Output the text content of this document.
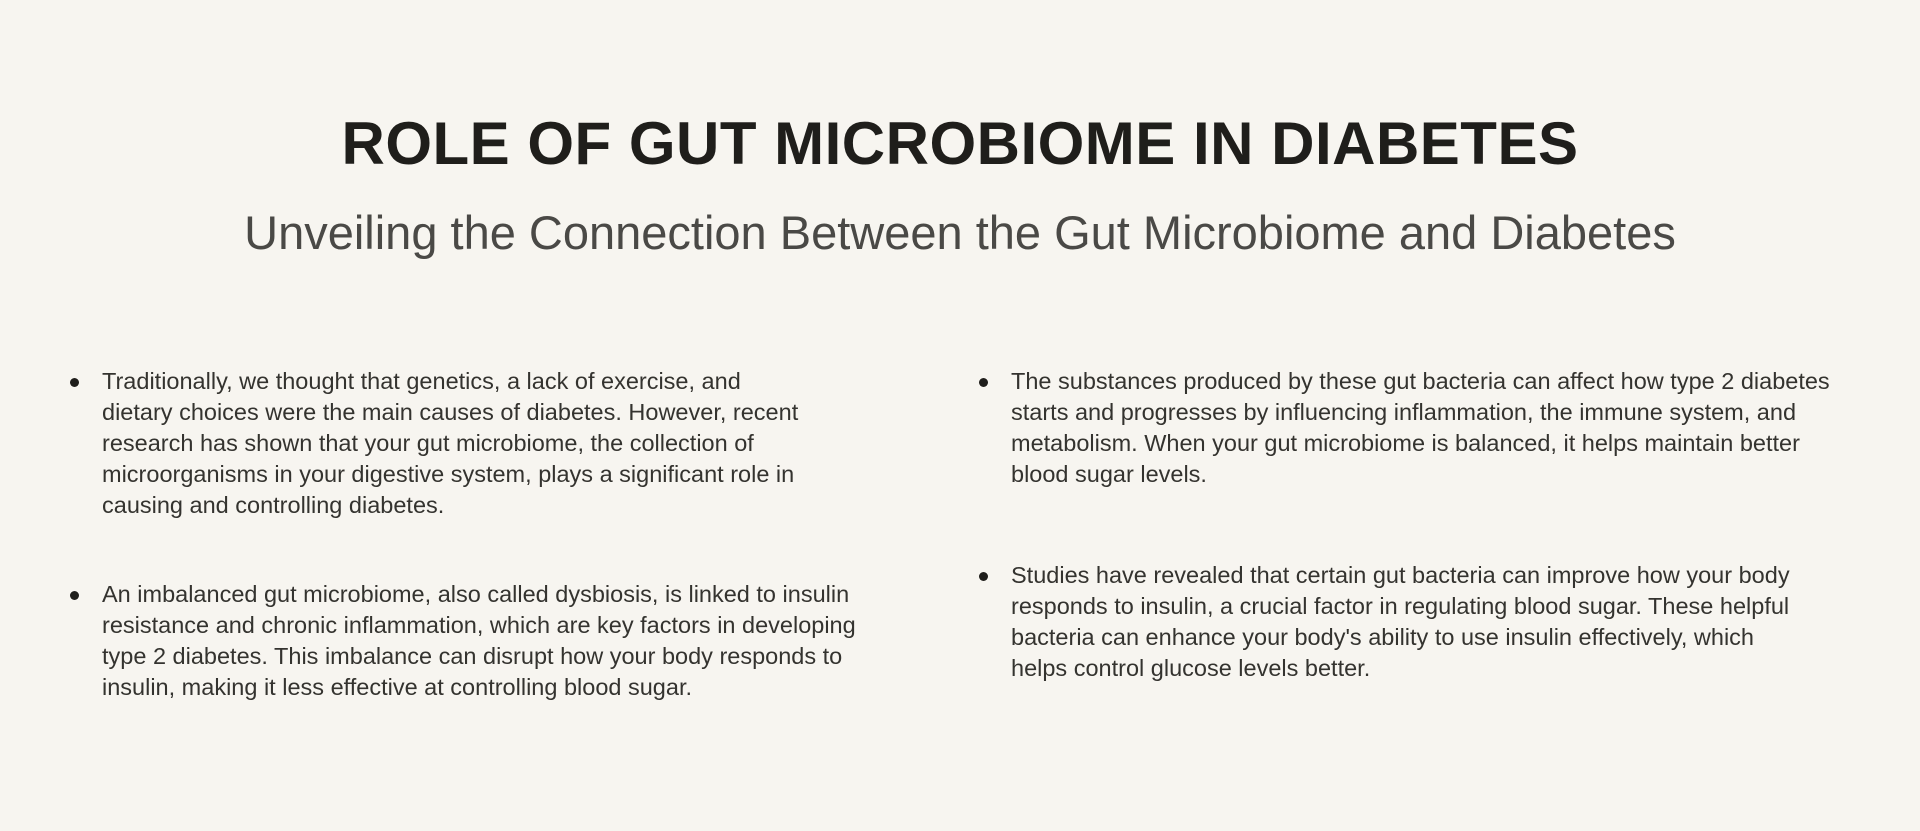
ROLE OF GUT MICROBIOME IN DIABETES
Unveiling the Connection Between the Gut Microbiome and Diabetes

Traditionally, we thought that genetics, a lack of exercise, and dietary choices were the main causes of diabetes. However, recent research has shown that your gut microbiome, the collection of microorganisms in your digestive system, plays a significant role in causing and controlling diabetes.

An imbalanced gut microbiome, also called dysbiosis, is linked to insulin resistance and chronic inflammation, which are key factors in developing type 2 diabetes. This imbalance can disrupt how your body responds to insulin, making it less effective at controlling blood sugar.

The substances produced by these gut bacteria can affect how type 2 diabetes starts and progresses by influencing inflammation, the immune system, and metabolism. When your gut microbiome is balanced, it helps maintain better blood sugar levels.

Studies have revealed that certain gut bacteria can improve how your body responds to insulin, a crucial factor in regulating blood sugar. These helpful bacteria can enhance your body's ability to use insulin effectively, which helps control glucose levels better.
